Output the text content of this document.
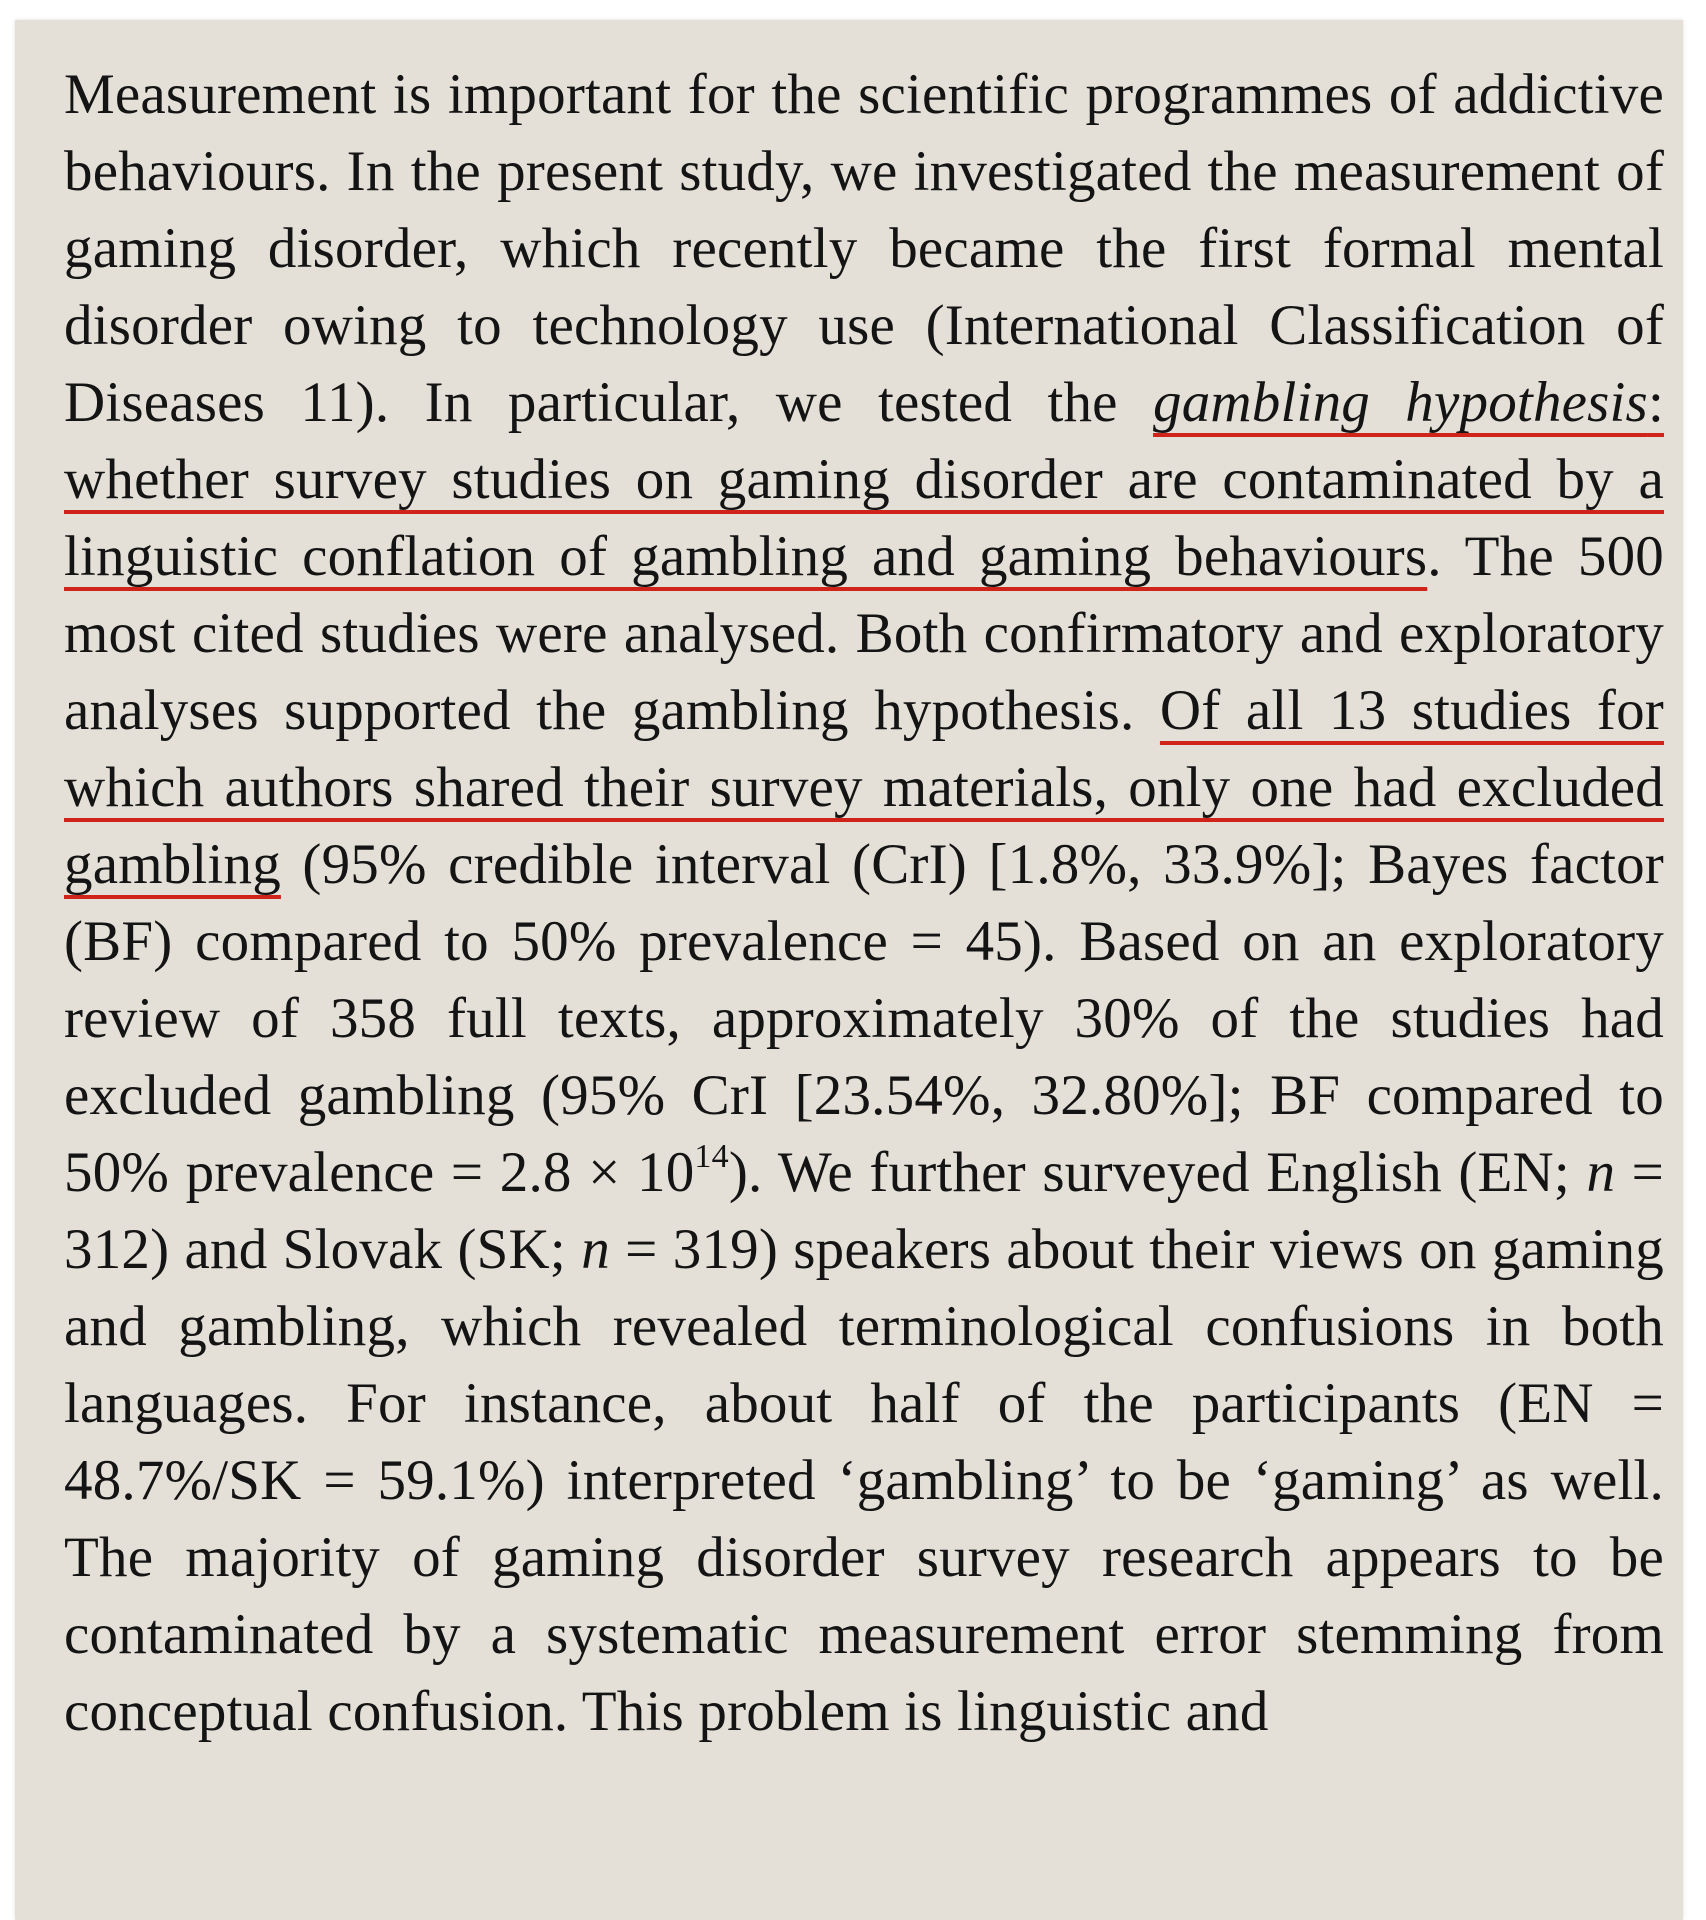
Measurement is important for the scientific programmes of addictive behaviours. In the present study, we investigated the measurement of gaming disorder, which recently became the first formal mental disorder owing to technology use (International Classification of Diseases 11). In particular, we tested the gambling hypothesis: whether survey studies on gaming disorder are contaminated by a linguistic conflation of gambling and gaming behaviours. The 500 most cited studies were analysed. Both confirmatory and exploratory analyses supported the gambling hypothesis. Of all 13 studies for which authors shared their survey materials, only one had excluded gambling (95% credible interval (CrI) [1.8%, 33.9%]; Bayes factor (BF) compared to 50% prevalence = 45). Based on an exploratory review of 358 full texts, approximately 30% of the studies had excluded gambling (95% CrI [23.54%, 32.80%]; BF compared to 50% prevalence = $2.8 \times 10^{14}$). We further surveyed English (EN; n = 312) and Slovak (SK; n = 319) speakers about their views on gaming and gambling, which revealed terminological confusions in both languages. For instance, about half of the participants (EN = 48.7%/SK = 59.1%) interpreted ‘gambling’ to be ‘gaming’ as well. The majority of gaming disorder survey research appears to be contaminated by a systematic measurement error stemming from conceptual confusion. This problem is linguistic and
